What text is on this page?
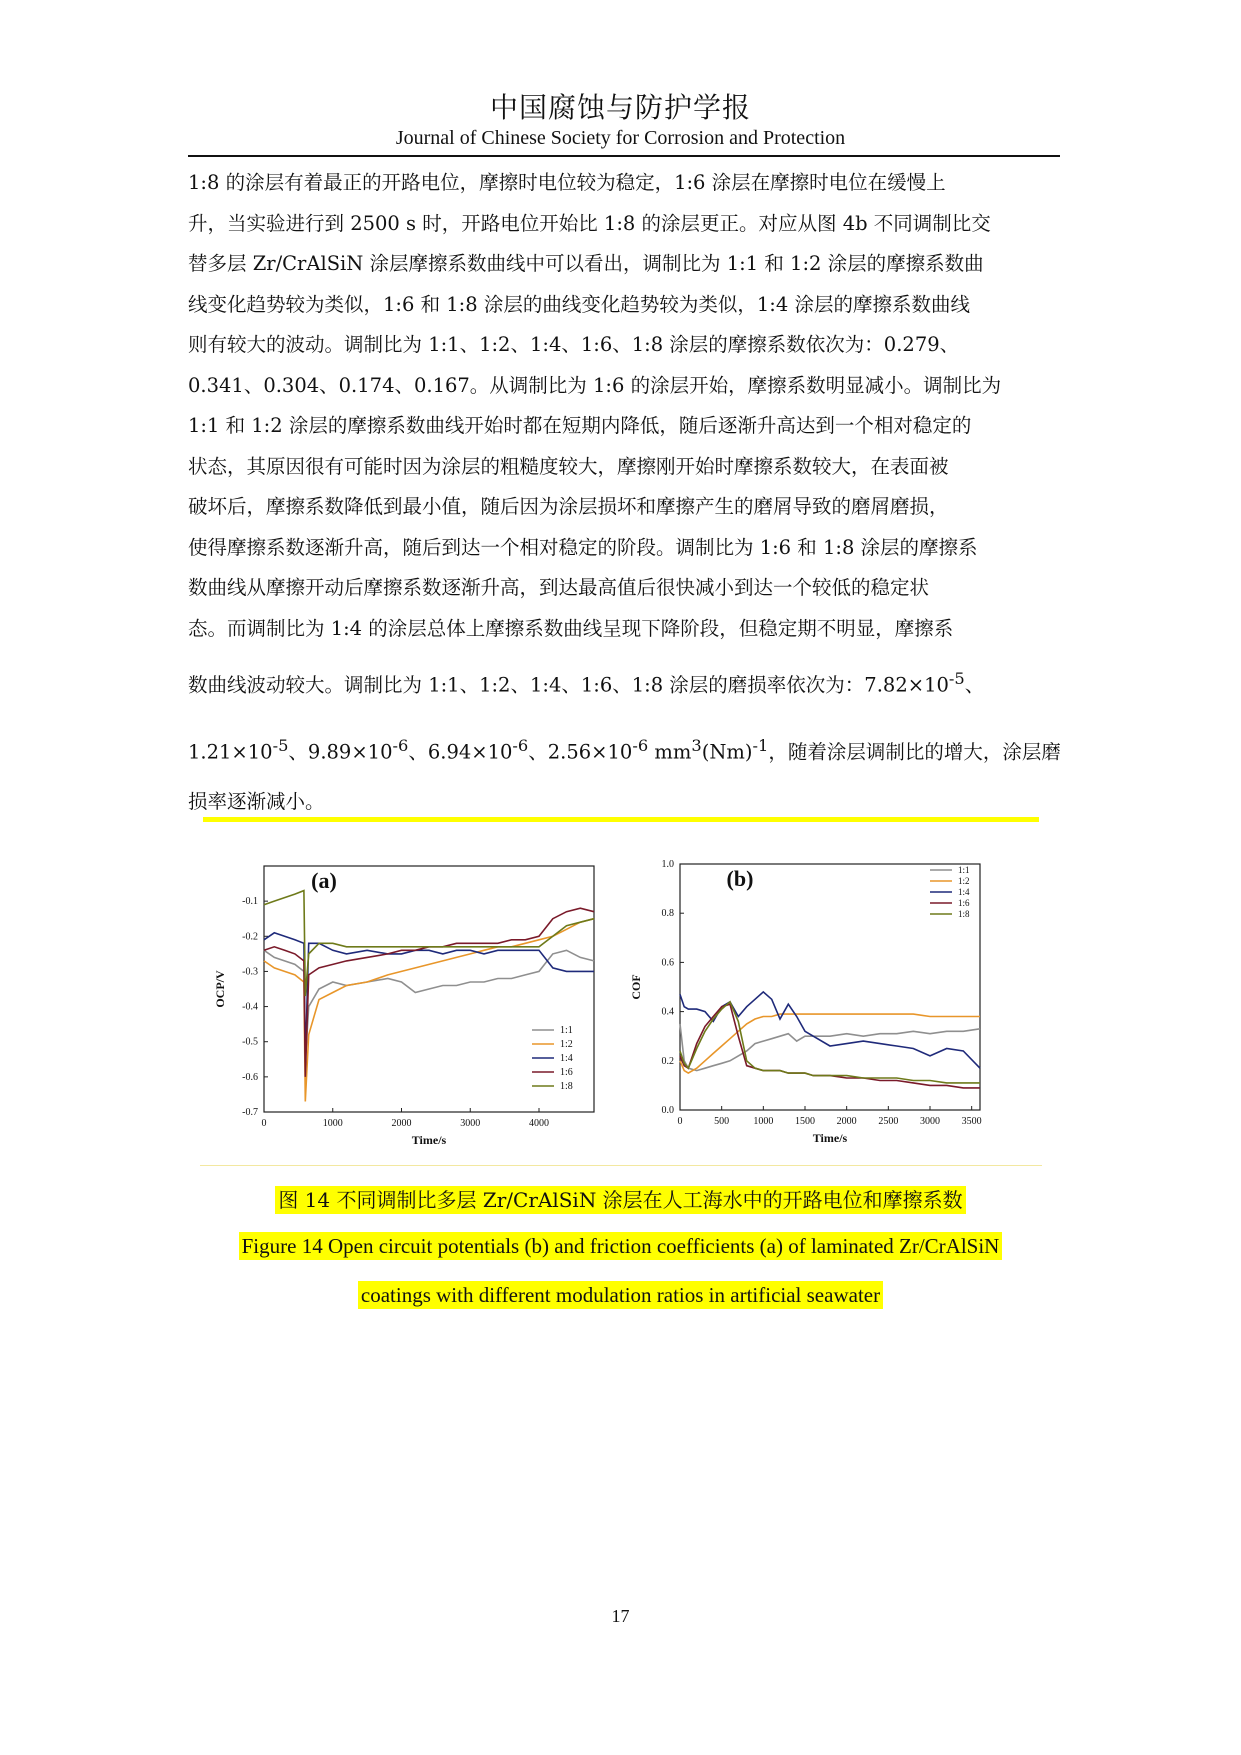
中国腐蚀与防护学报
Journal of Chinese Society for Corrosion and Protection

1:8 的涂层有着最正的开路电位，摩擦时电位较为稳定，1:6 涂层在摩擦时电位在缓慢上
升，当实验进行到 2500 s 时，开路电位开始比 1:8 的涂层更正。对应从图 4b 不同调制比交
替多层 Zr/CrAlSiN 涂层摩擦系数曲线中可以看出，调制比为 1:1 和 1:2 涂层的摩擦系数曲
线变化趋势较为类似，1:6 和 1:8 涂层的曲线变化趋势较为类似，1:4 涂层的摩擦系数曲线
则有较大的波动。调制比为 1:1、1:2、1:4、1:6、1:8 涂层的摩擦系数依次为：0.279、
0.341、0.304、0.174、0.167。从调制比为 1:6 的涂层开始，摩擦系数明显减小。调制比为
1:1 和 1:2 涂层的摩擦系数曲线开始时都在短期内降低，随后逐渐升高达到一个相对稳定的
状态，其原因很有可能时因为涂层的粗糙度较大，摩擦刚开始时摩擦系数较大，在表面被
破坏后，摩擦系数降低到最小值，随后因为涂层损坏和摩擦产生的磨屑导致的磨屑磨损，
使得摩擦系数逐渐升高，随后到达一个相对稳定的阶段。调制比为 1:6 和 1:8 涂层的摩擦系
数曲线从摩擦开动后摩擦系数逐渐升高，到达最高值后很快减小到达一个较低的稳定状
态。而调制比为 1:4 的涂层总体上摩擦系数曲线呈现下降阶段，但稳定期不明显，摩擦系

数曲线波动较大。调制比为 1:1、1:2、1:4、1:6、1:8 涂层的磨损率依次为：$7.82\times 10^{-5}$、
$1.21\times 10^{-5}$、$9.89\times 10^{-6}$、$6.94\times 10^{-6}$、$2.56\times 10^{-6}$ $mm^3(Nm)^{-1}$，随着涂层调制比的增大，涂层磨
损率逐渐减小。
0	1000	2000	3000	4000
-0.1
-0.2
-0.3
-0.4
-0.5
-0.6
-0.7
Time/s
OCP/V
(a)
1:1
1:2
1:4
1:6
1:8
0	500 1000 1500 2000 2500 3000 3500
0.0
0.2
0.4
0.6
0.8
1.0
Time/s
COF
(b)	1:1
1:2
1:4
1:6
1:8
图 14 不同调制比多层 Zr/CrAlSiN 涂层在人工海水中的开路电位和摩擦系数
Figure 14 Open circuit potentials (b) and friction coefficients (a) of laminated Zr/CrAlSiN
coatings with different modulation ratios in artificial seawater
17
